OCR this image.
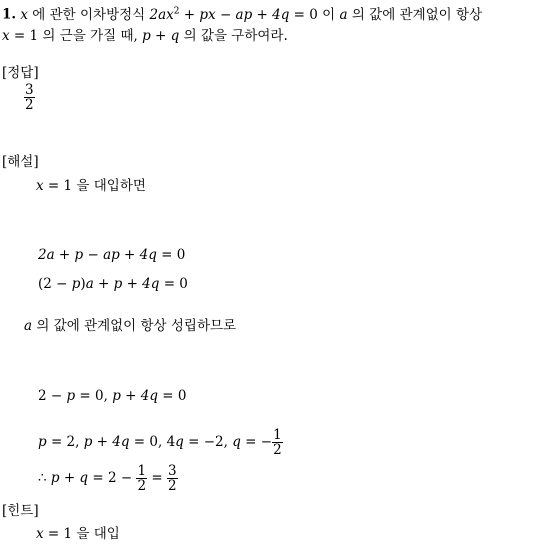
1. x 에 관한 이차방정식 $2ax^2$ + px − ap + 4q = 0 이 a 의 값에 관계없이 항상
x = 1 의 근을 가질 때, p + q 의 값을 구하여라.
[정답]
$\frac{3}{2}$
[해설]
x = 1 을 대입하면
2a + p − ap + 4q = 0
(2 − p)a + p + 4q = 0
a 의 값에 관계없이 항상 성립하므로
2 − p = 0, p + 4q = 0
p = 2, p + 4q = 0, 4q = −2, q = − $\frac{1}{2}$
∴ $p + q = 2 - \frac{1}{2} = \frac{3}{2}$
[힌트]
x = 1 을 대입
